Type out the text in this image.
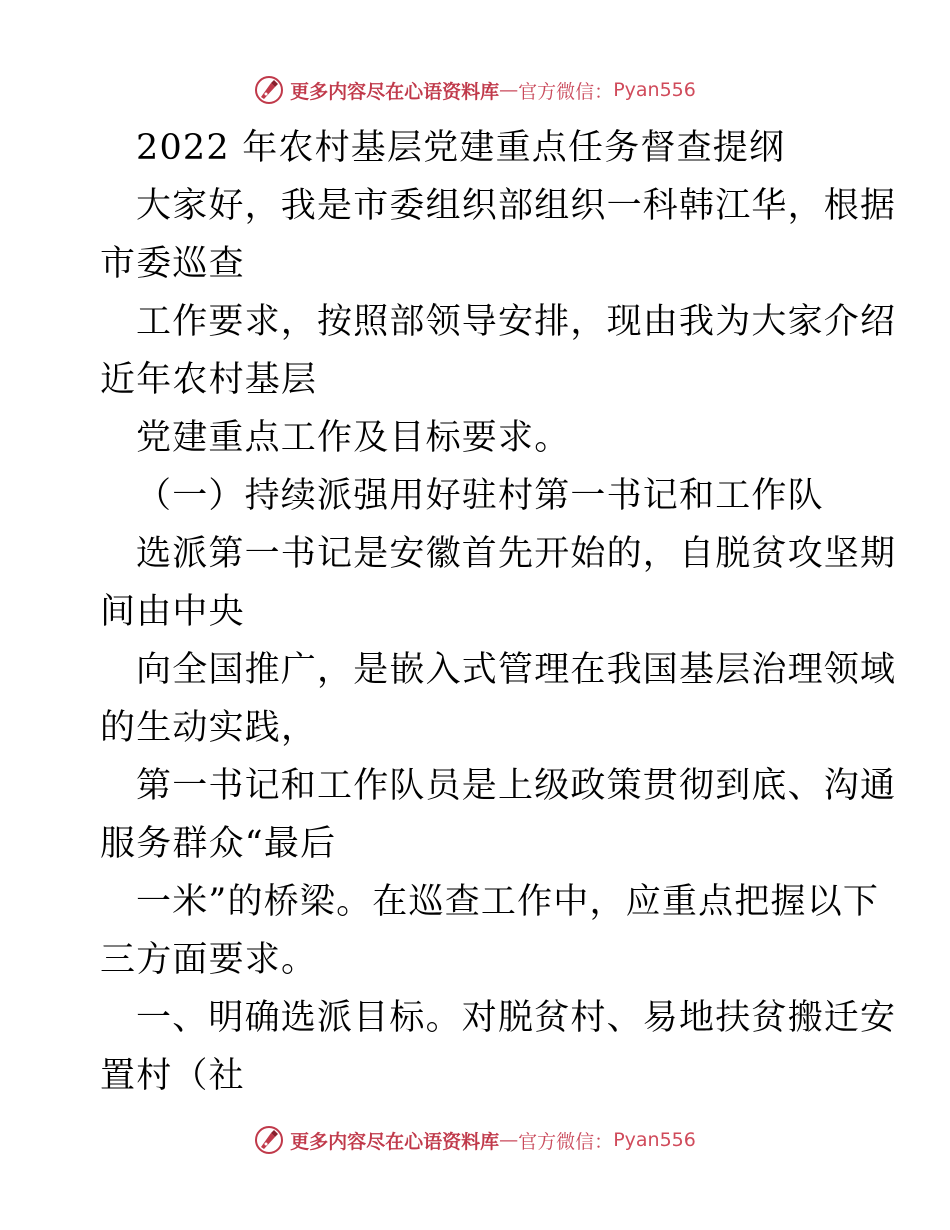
更多内容尽在心语资料库 — 官方微信： Pyan556
2022 年农村基层党建重点任务督查提纲
大家好，我是市委组织部组织一科韩江华，根据
市委巡查
工作要求，按照部领导安排，现由我为大家介绍
近年农村基层
党建重点工作及目标要求。
（一）持续派强用好驻村第一书记和工作队
选派第一书记是安徽首先开始的，自脱贫攻坚期
间由中央
向全国推广，是嵌入式管理在我国基层治理领域
的生动实践，
第一书记和工作队员是上级政策贯彻到底、沟通
服务群众“最后
一米”的桥梁。在巡查工作中，应重点把握以下
三方面要求。
一、明确选派目标。对脱贫村、易地扶贫搬迁安
置村（社
更多内容尽在心语资料库 — 官方微信： Pyan556
